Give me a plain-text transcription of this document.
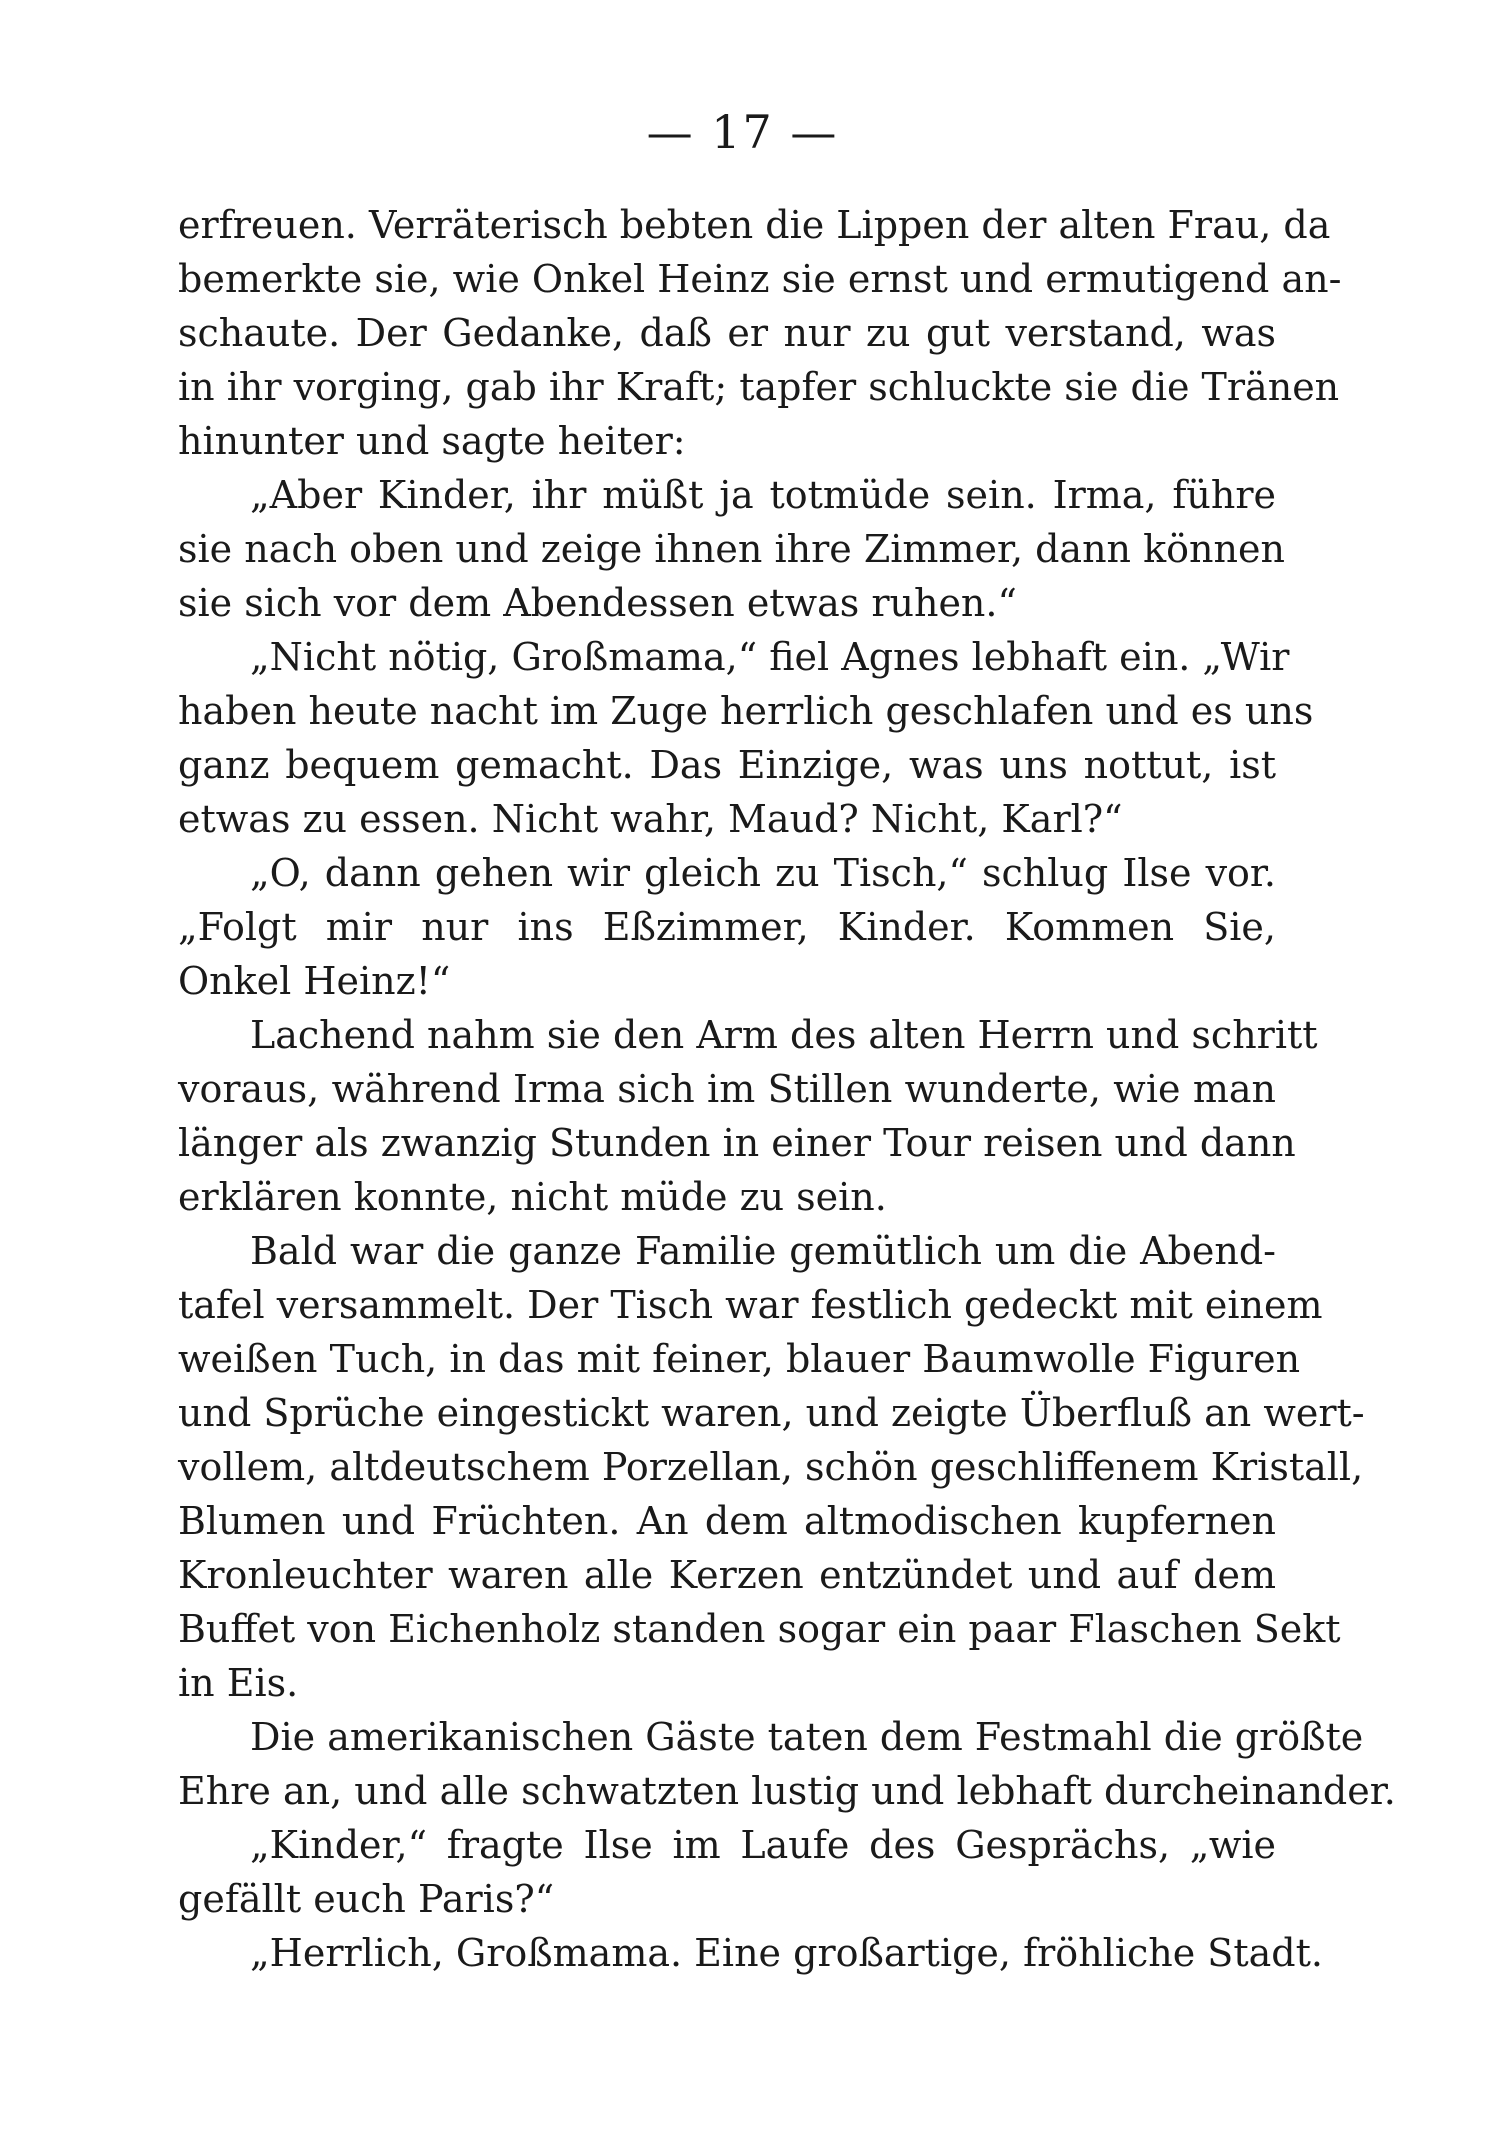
— 17 —
erfreuen. Verräterisch bebten die Lippen der alten Frau, da
bemerkte sie, wie Onkel Heinz sie ernst und ermutigend an-
schaute. Der Gedanke, daß er nur zu gut verstand, was
in ihr vorging, gab ihr Kraft; tapfer schluckte sie die Tränen
hinunter und sagte heiter:
„Aber Kinder, ihr müßt ja totmüde sein. Irma, führe
sie nach oben und zeige ihnen ihre Zimmer, dann können
sie sich vor dem Abendessen etwas ruhen.“
„Nicht nötig, Großmama,“ fiel Agnes lebhaft ein. „Wir
haben heute nacht im Zuge herrlich geschlafen und es uns
ganz bequem gemacht. Das Einzige, was uns nottut, ist
etwas zu essen. Nicht wahr, Maud? Nicht, Karl?“
„O, dann gehen wir gleich zu Tisch,“ schlug Ilse vor.
„Folgt mir nur ins Eßzimmer, Kinder. Kommen Sie,
Onkel Heinz!“
Lachend nahm sie den Arm des alten Herrn und schritt
voraus, während Irma sich im Stillen wunderte, wie man
länger als zwanzig Stunden in einer Tour reisen und dann
erklären konnte, nicht müde zu sein.
Bald war die ganze Familie gemütlich um die Abend-
tafel versammelt. Der Tisch war festlich gedeckt mit einem
weißen Tuch, in das mit feiner, blauer Baumwolle Figuren
und Sprüche eingestickt waren, und zeigte Überfluß an wert-
vollem, altdeutschem Porzellan, schön geschliffenem Kristall,
Blumen und Früchten. An dem altmodischen kupfernen
Kronleuchter waren alle Kerzen entzündet und auf dem
Buffet von Eichenholz standen sogar ein paar Flaschen Sekt
in Eis.
Die amerikanischen Gäste taten dem Festmahl die größte
Ehre an, und alle schwatzten lustig und lebhaft durcheinander.
„Kinder,“ fragte Ilse im Laufe des Gesprächs, „wie
gefällt euch Paris?“
„Herrlich, Großmama. Eine großartige, fröhliche Stadt.
